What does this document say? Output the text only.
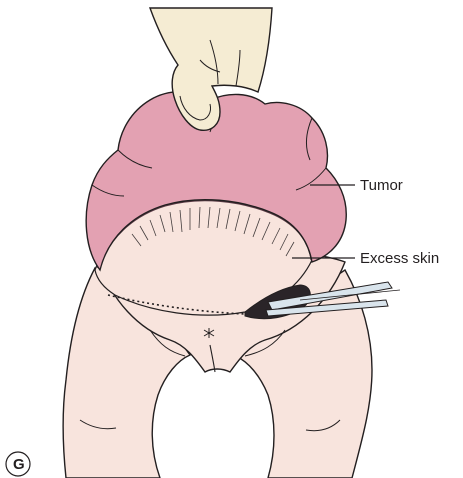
Tumor
Excess skin
G
